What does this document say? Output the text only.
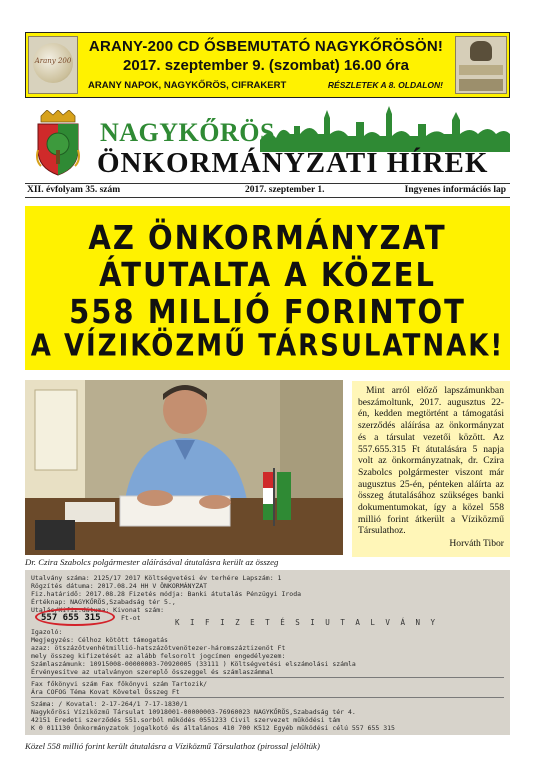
Arany 200
ARANY-200 CD ŐSBEMUTATÓ NAGYKŐRÖSÖN!
2017. szeptember 9. (szombat) 16.00 óra
ARANY NAPOK, NAGYKŐRÖS, CIFRAKERT	RÉSZLETEK A 8. OLDALON!
NAGYKŐRÖS
ÖNKORMÁNYZATI HÍREK
XII. évfolyam 35. szám	2017. szeptember 1.	Ingyenes információs lap
AZ ÖNKORMÁNYZAT
ÁTUTALTA A KÖZEL
558 MILLIÓ FORINTOT
A VÍZIKÖZMŰ TÁRSULATNAK!
Dr. Czira Szabolcs polgármester aláírásával átutalásra került az összeg

Mint arról előző lapszámunkban beszámoltunk, 2017. augusztus 22-én, kedden megtörtént a támogatási szerződés aláírása az önkormányzat és a társulat vezetői között. Az 557.655.315 Ft átutalására 5 napja volt az önkormányzatnak, dr. Czira Szabolcs polgármester viszont már augusztus 25-én, pénteken aláírta az összeg átutalásához szükséges banki dokumentumokat, így a közel 558 millió forint átkerült a Víziközmű Társulathoz.

Horváth Tibor

Utalvány száma: 2125/17 2017 Költségvetési év terhére Lapszám: 1
Rögzítés dátuma: 2017.08.24 HH V ÖNKORMÁNYZAT
Fiz.határidő: 2017.08.28 Fizetés módja: Banki átutalás Pénzügyi Iroda
Értéknap: NAGYKŐRÖS,Szabadság tér 5.,
Utalás/Kifiz.dátuma: Kivonat szám:
K I F I Z E T É S I U T A L V Á N Y
557 655 315
Igazoló:
Megjegyzés: Célhoz kötött támogatás
Ft-ot
azaz: ötszázötvenhétmillió-hatszázötvenötezer-háromszáztizenöt Ft
mely összeg kifizetését az alább felsorolt jogcímen engedélyezem:
Számlaszámunk: 10915008-00000003-70920005 (33111 ) Költségvetési elszámolási számla
Érvényesítve az utalványon szereplő összeggel és számlaszámmal
Fax főkönyvi szám Fax főkönyvi szám Tartozik/
Ára COFOG Téma Kovat Követel Összeg Ft
Száma: / Kovatal: 2-17-264/1 7-17-1830/1
Nagykőrösi Víziközmű Társulat 10918001-00000003-76960023 NAGYKŐRÖS,Szabadság tér 4.
42151 Eredeti szerződés 551.sorból működés 0551233 Civil szervezet működési tám
K 0 011130 Önkormányzatok jogalkotó és általános 410 700 K512 Egyéb működési célú 557 655 315
Közel 558 millió forint került átutalásra a Víziközmű Társulathoz (pirossal jelöltük)
